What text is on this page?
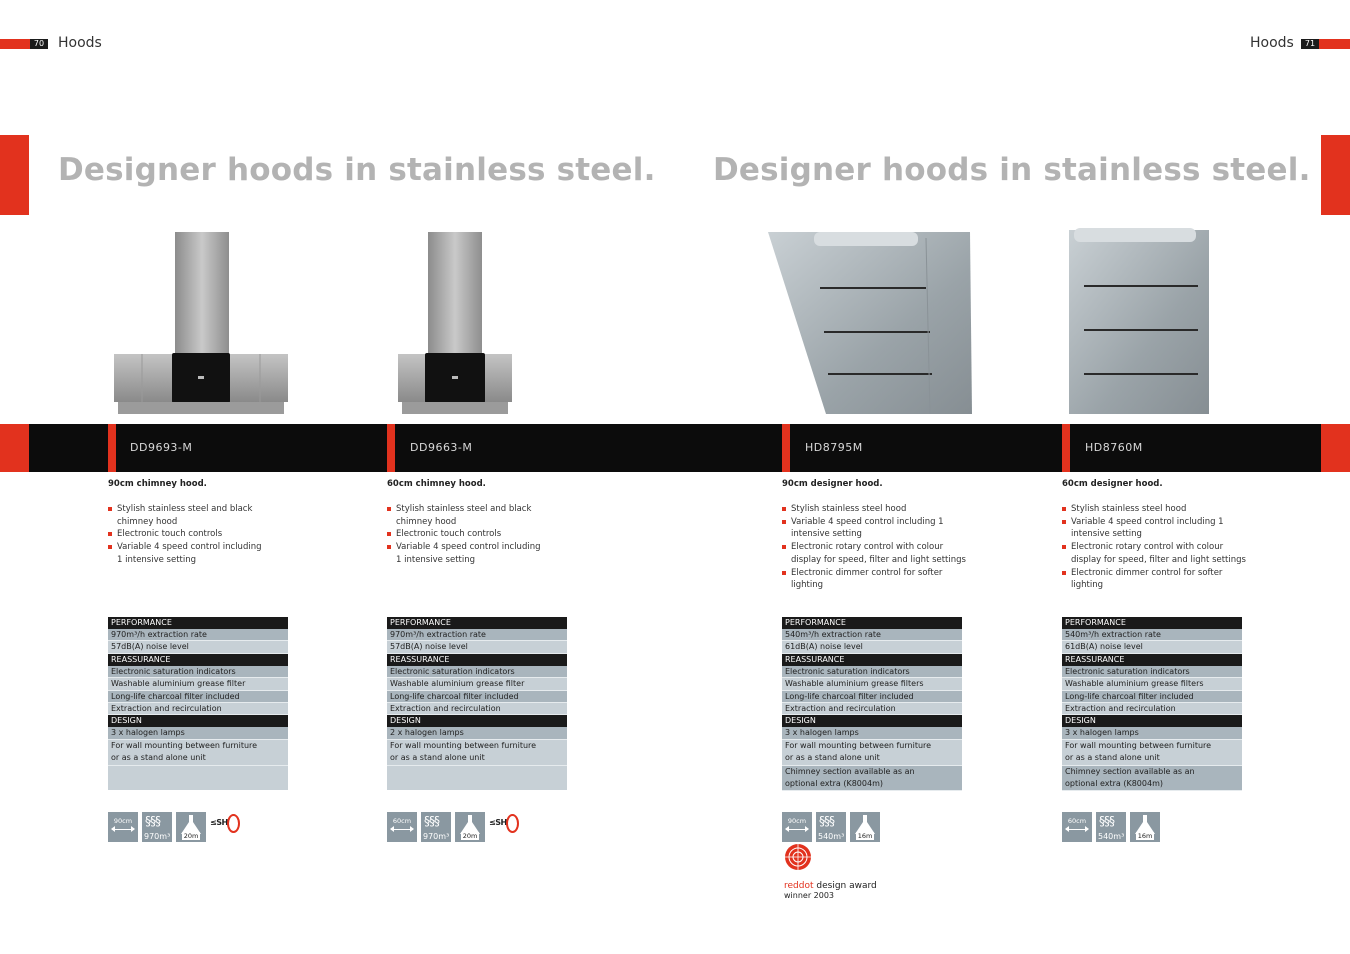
70 Hoods	Hoods	71
Designer hoods in stainless steel. Designer hoods in stainless steel.
DD9693-M	DD9663-M	HD8795M	HD8760M
90cm chimney hood.	60cm chimney hood.	90cm designer hood.	60cm designer hood.
Stylish stainless steel and black chimney hood
Electronic touch controls
Variable 4 speed control including 1 intensive setting
Stylish stainless steel and black chimney hood
Electronic touch controls
Variable 4 speed control including 1 intensive setting
Stylish stainless steel hood
Variable 4 speed control including 1 intensive setting
Electronic rotary control with colour display for speed, filter and light settings
Electronic dimmer control for softer lighting
Stylish stainless steel hood
Variable 4 speed control including 1 intensive setting
Electronic rotary control with colour display for speed, filter and light settings
Electronic dimmer control for softer lighting
PERFORMANCE
970m³/h extraction rate
57dB(A) noise level
REASSURANCE
Electronic saturation indicators
Washable aluminium grease filter
Long-life charcoal filter included
Extraction and recirculation
DESIGN
3 x halogen lamps
For wall mounting between furniture or as a stand alone unit
PERFORMANCE
970m³/h extraction rate
57dB(A) noise level
REASSURANCE
Electronic saturation indicators
Washable aluminium grease filter
Long-life charcoal filter included
Extraction and recirculation
DESIGN
2 x halogen lamps
For wall mounting between furniture or as a stand alone unit
PERFORMANCE
540m³/h extraction rate
61dB(A) noise level
REASSURANCE
Electronic saturation indicators
Washable aluminium grease filters
Long-life charcoal filter included
Extraction and recirculation
DESIGN
3 x halogen lamps
For wall mounting between furniture or as a stand alone unit
Chimney section available as an optional extra (K8004m)
PERFORMANCE
540m³/h extraction rate
61dB(A) noise level
REASSURANCE
Electronic saturation indicators
Washable aluminium grease filters
Long-life charcoal filter included
Extraction and recirculation
DESIGN
3 x halogen lamps
For wall mounting between furniture or as a stand alone unit
Chimney section available as an optional extra (K8004m)
90cm	§§§
970m³	20m
≤SH	60cm	§§§
970m³	20m
≤SH	90cm	§§§
540m³	16m
60cm	§§§
540m³	16m
reddot design award
winner 2003
